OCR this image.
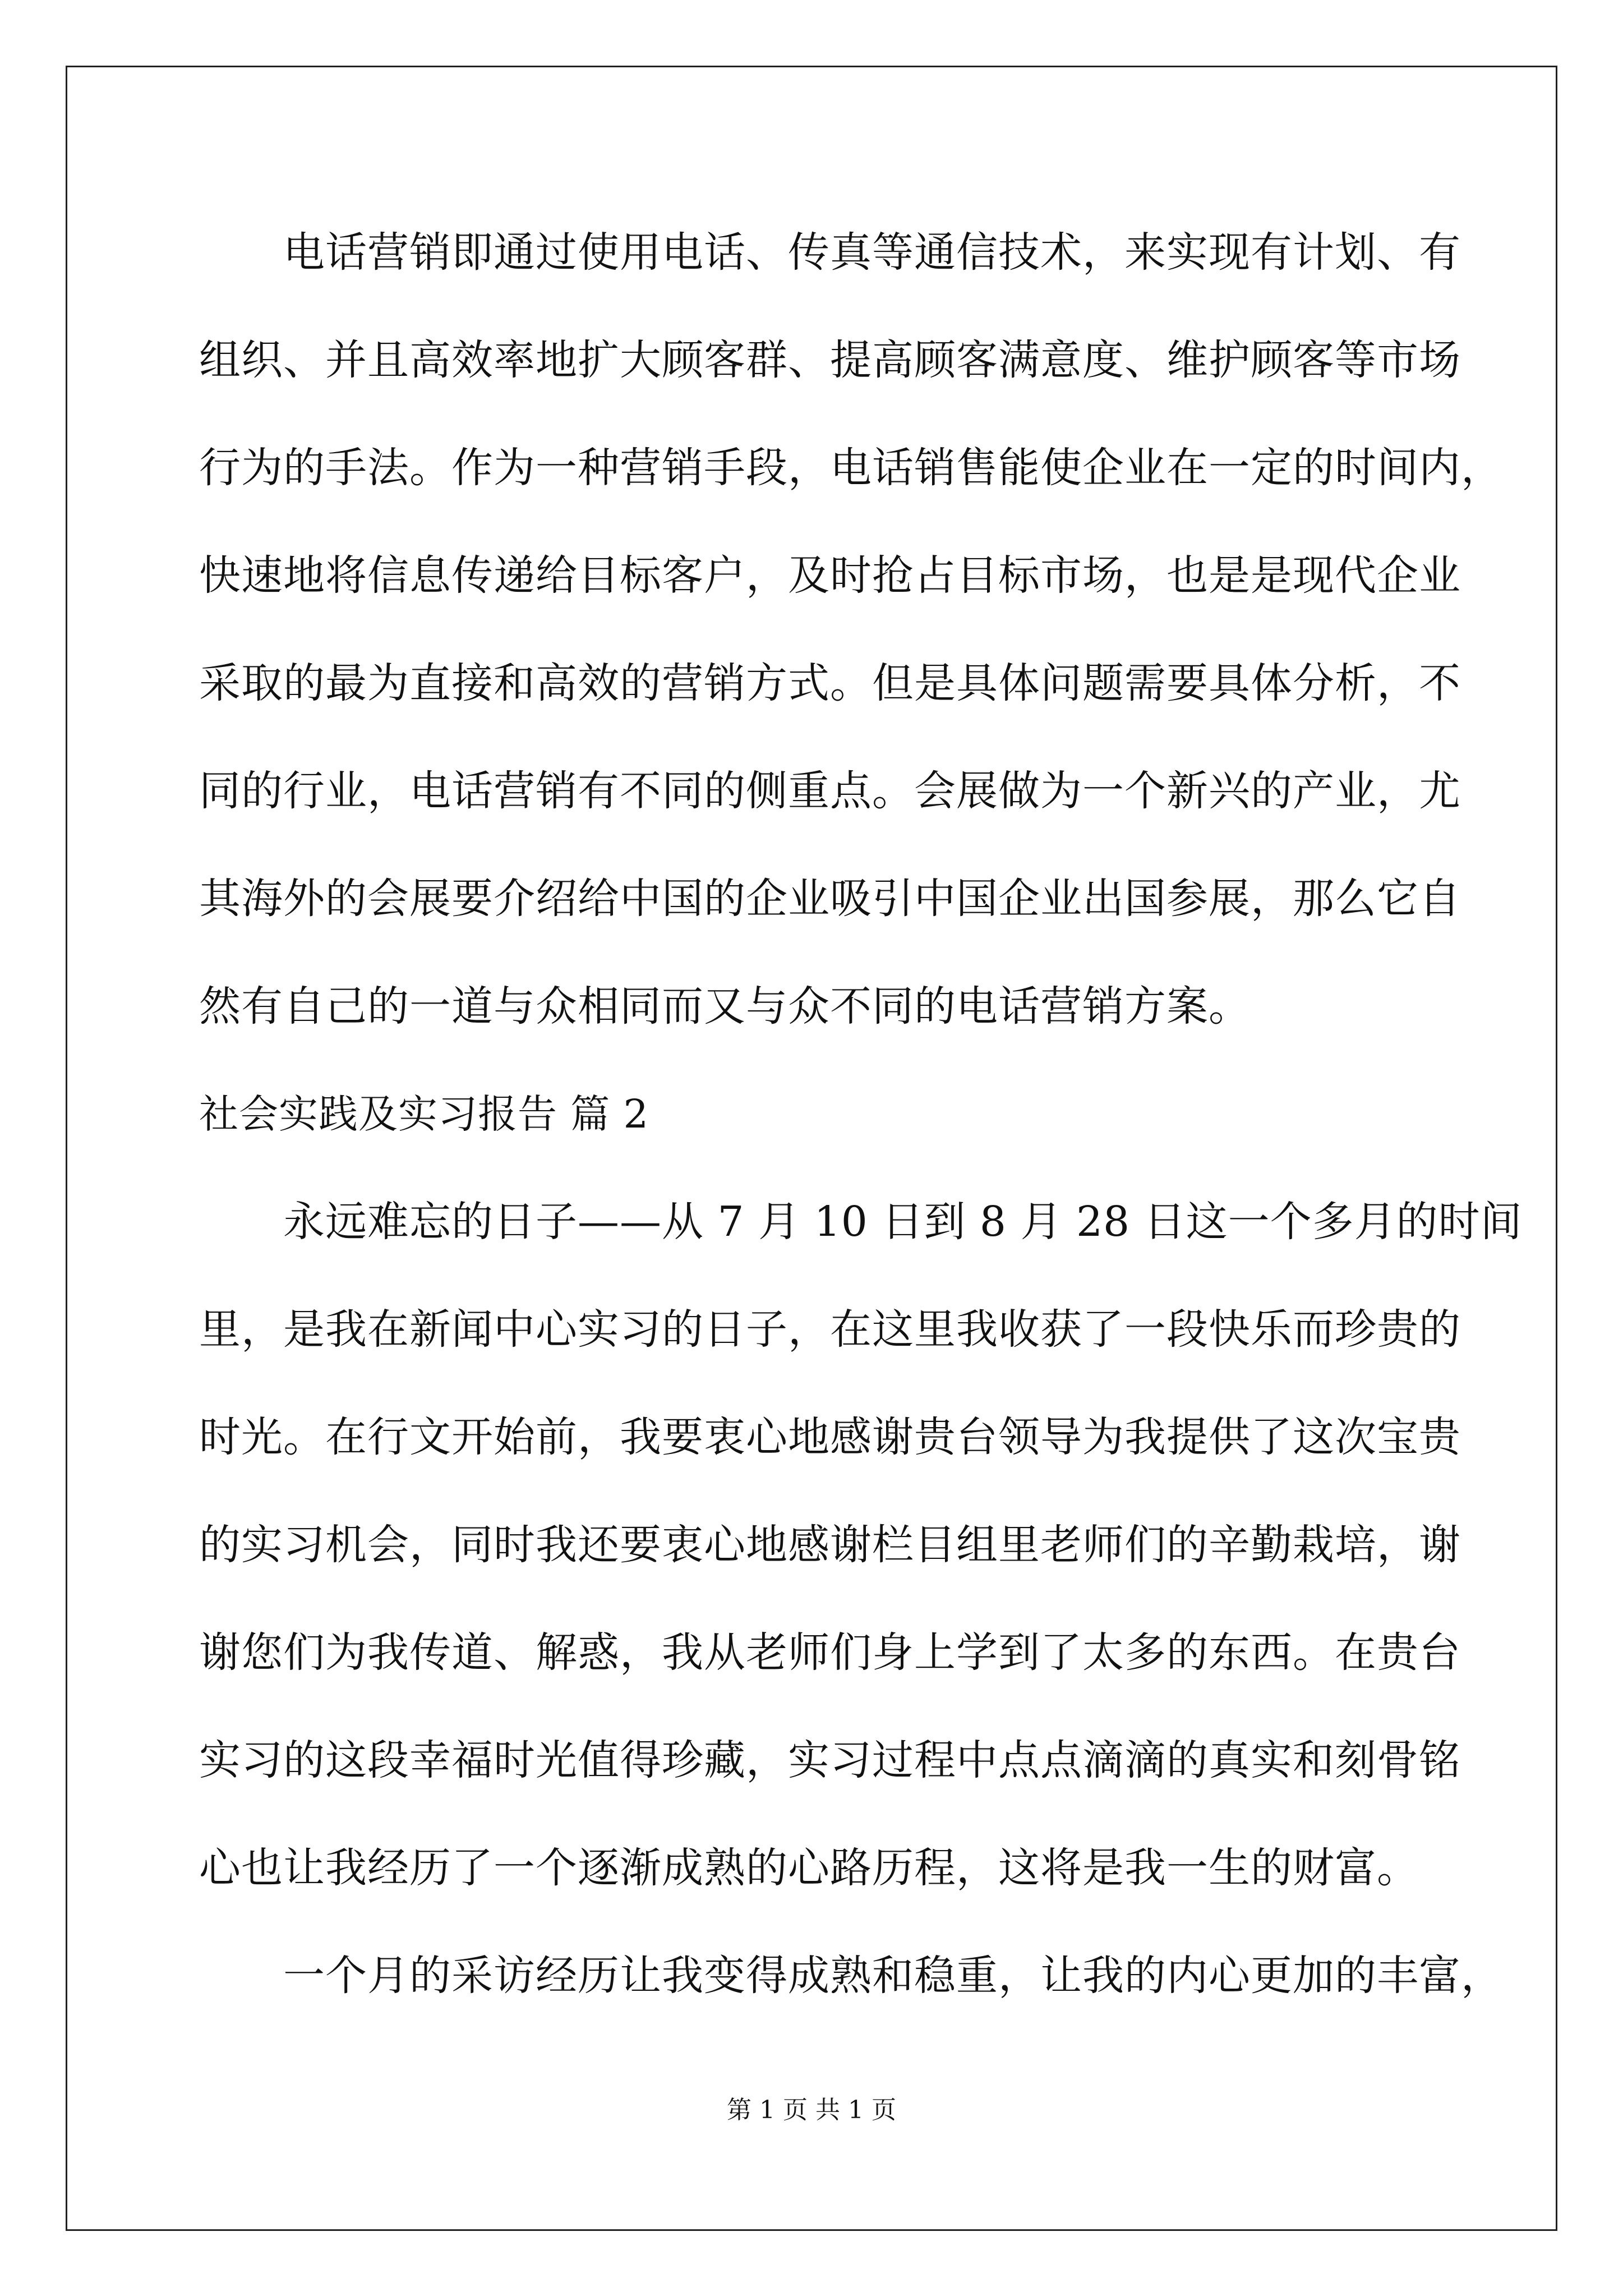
电话营销即通过使用电话、传真等通信技术，来实现有计划、有
组织、并且高效率地扩大顾客群、提高顾客满意度、维护顾客等市场
行为的手法。作为一种营销手段，电话销售能使企业在一定的时间内，
快速地将信息传递给目标客户，及时抢占目标市场，也是是现代企业
采取的最为直接和高效的营销方式。但是具体问题需要具体分析，不
同的行业，电话营销有不同的侧重点。会展做为一个新兴的产业，尤
其海外的会展要介绍给中国的企业吸引中国企业出国参展，那么它自
然有自己的一道与众相同而又与众不同的电话营销方案。
社会实践及实习报告 篇 2
永远难忘的日子——从 7 月 10 日到 8 月 28 日这一个多月的时间
里，是我在新闻中心实习的日子，在这里我收获了一段快乐而珍贵的
时光。在行文开始前，我要衷心地感谢贵台领导为我提供了这次宝贵
的实习机会，同时我还要衷心地感谢栏目组里老师们的辛勤栽培，谢
谢您们为我传道、解惑，我从老师们身上学到了太多的东西。在贵台
实习的这段幸福时光值得珍藏，实习过程中点点滴滴的真实和刻骨铭
心也让我经历了一个逐渐成熟的心路历程，这将是我一生的财富。
一个月的采访经历让我变得成熟和稳重，让我的内心更加的丰富，
第 1 页 共 1 页
